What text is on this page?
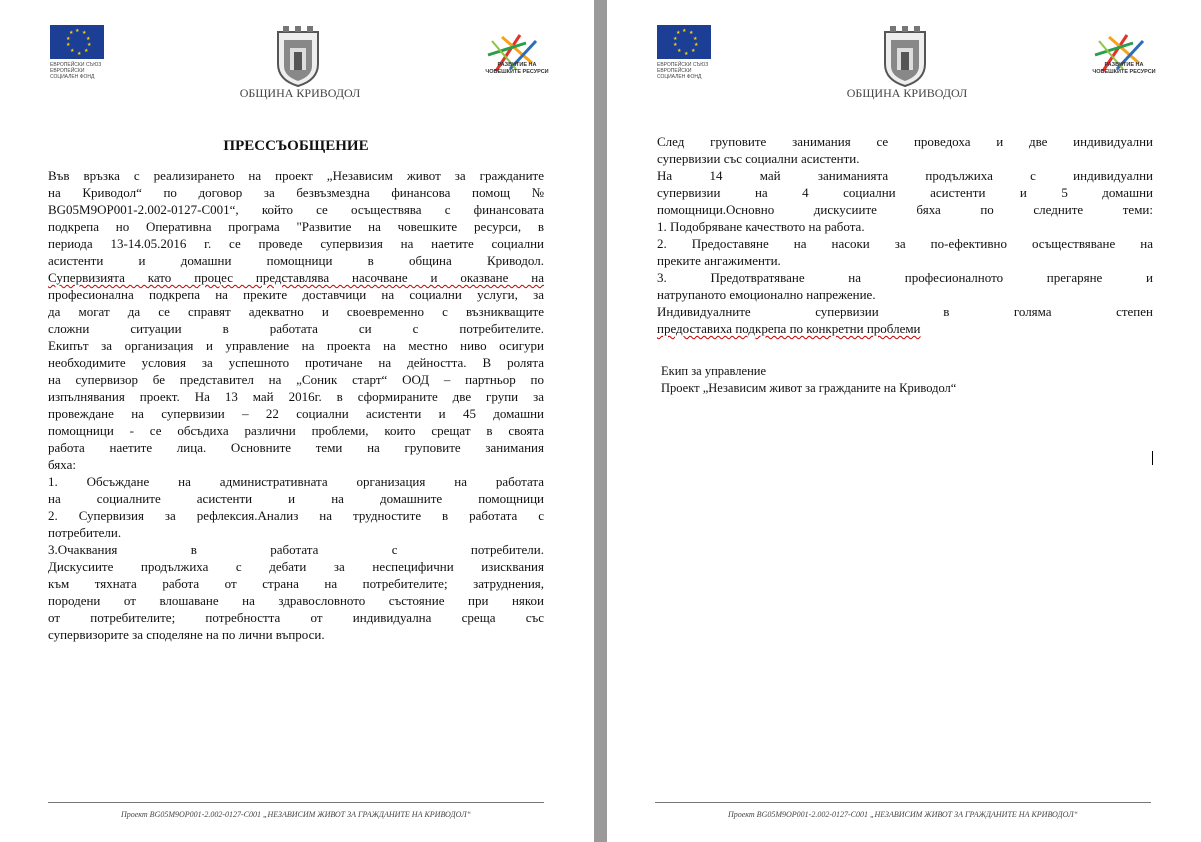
★ ★
★
★
★
★
★
★
★
★
ЕВРОПЕЙСКИ СЪЮЗ
ЕВРОПЕЙСКИ
СОЦИАЛЕН ФОНД
ОБЩИНА КРИВОДОЛ
РАЗВИТИЕ НА
ЧОВЕШКИТЕ РЕСУРСИ
ПРЕССЪОБЩЕНИЕ

Във връзка с реализирането на проект „Независим живот за гражданите

на Криводол“ по договор за безвъзмездна финансова помощ №

BG05M9OP001-2.002-0127-C001“, който се осъществява с финансовата

подкрепа но Оперативна програма "Развитие на човешките ресурси, в

периода 13-14.05.2016 г. се проведе супервизия на наетите социални

асистенти и домашни помощници в община Криводол.

Супервизията като процес представлява насочване и оказване на

професионална подкрепа на преките доставчици на социални услуги, за

да могат да се справят адекватно и своевременно с възникващите

сложни ситуации в работата си с потребителите.

Екипът за организация и управление на проекта на местно ниво осигури

необходимите условия за успешното протичане на дейността. В ролята

на супервизор бе представител на „Соник старт“ ООД – партньор по

изпълнявания проект. На 13 май 2016г. в сформираните две групи за

провеждане на супервизии – 22 социални асистенти и 45 домашни

помощници - се обсъдиха различни проблеми, които срещат в своята

работа наетите лица. Основните теми на груповите занимания

бяха:

1. Обсъждане на административната организация на работата

на социалните асистенти и на домашните помощници

2. Супервизия за рефлексия.Анализ на трудностите в работата с

потребители.

3.Очаквания в работата с потребители.

Дискусиите продължиха с дебати за неспецифични изисквания

към тяхната работа от страна на потребителите; затруднения,

породени от влошаване на здравословното състояние при някои

от потребителите; потребността от индивидуална среща със

супервизорите за споделяне на по лични въпроси.

Проект BG05M9OP001-2.002-0127-C001 „НЕЗАВИСИМ ЖИВОТ ЗА ГРАЖДАНИТЕ НА КРИВОДОЛ“
★ ★
★
★
★
★
★
★
★
★
ЕВРОПЕЙСКИ СЪЮЗ
ЕВРОПЕЙСКИ
СОЦИАЛЕН ФОНД
ОБЩИНА КРИВОДОЛ
РАЗВИТИЕ НА
ЧОВЕШКИТЕ РЕСУРСИ

След груповите занимания се проведоха и две индивидуални

супервизии със социални асистенти.

На 14 май заниманията продължиха с индивидуални

супервизии на 4 социални асистенти и 5 домашни

помощници.Основно дискусиите бяха по следните теми:

1. Подобряване качеството на работа.

2. Предоставяне на насоки за по-ефективно осъществяване на

преките ангажименти.

3. Предотвратяване на професионалното прегаряне и

натрупаното емоционално напрежение.

Индивидуалните супервизии в голяма степен

предоставиха подкрепа по конкретни проблеми

Екип за управление
Проект „Независим живот за гражданите на Криводол“
Проект BG05M9OP001-2.002-0127-C001 „НЕЗАВИСИМ ЖИВОТ ЗА ГРАЖДАНИТЕ НА КРИВОДОЛ“
